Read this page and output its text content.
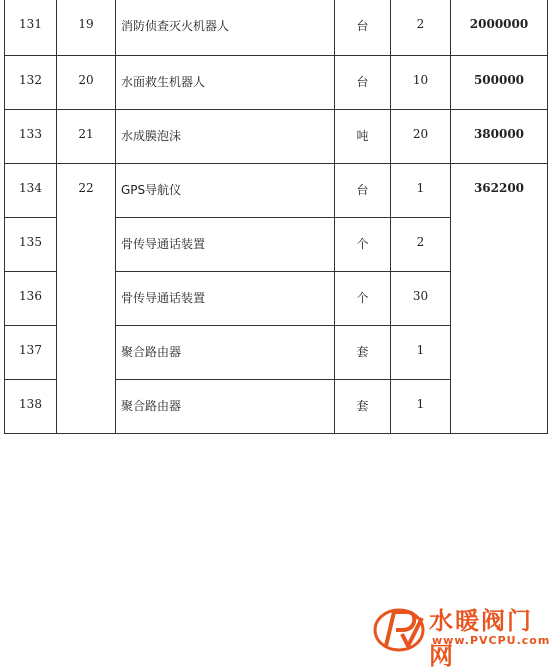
131	19	消防侦查灭火机器人	台	2	2000000
132	20	水面救生机器人	台	10	500000
133	21	水成膜泡沫	吨	20	380000
134	22	GPS导航仪	台	1	362200
135		骨传导通话装置	个	2	
136		骨传导通话装置	个	30	
137		聚合路由器	套	1	
138		聚合路由器	套	1	
水暖阀门网
www.PVCPU.com
